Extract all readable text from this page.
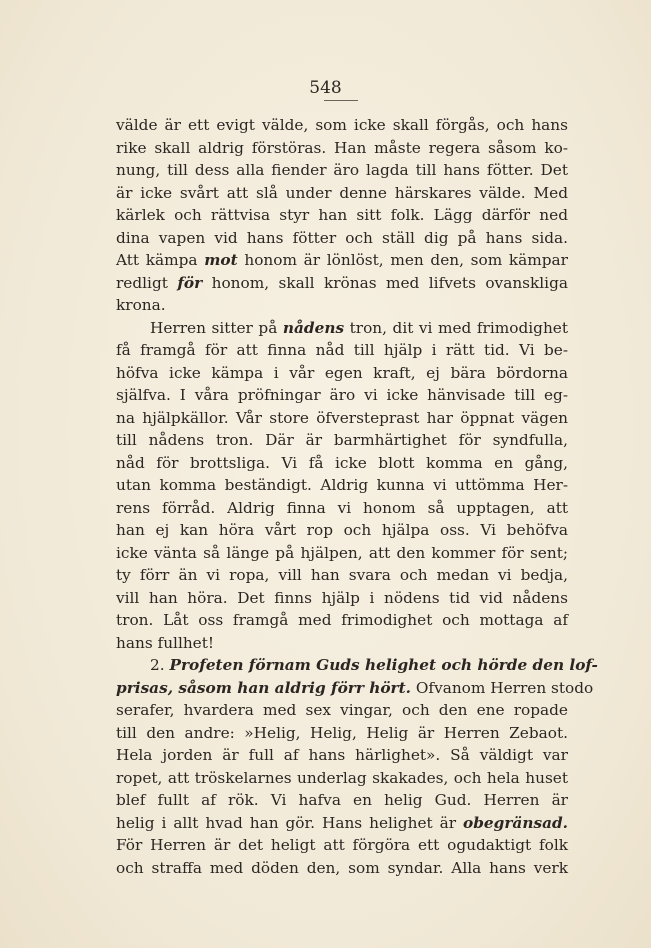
548
välde är ett evigt välde, som icke skall förgås, och hans
rike skall aldrig förstöras. Han måste regera såsom ko-
nung, till dess alla fiender äro lagda till hans fötter. Det
är icke svårt att slå under denne härskares välde. Med
kärlek och rättvisa styr han sitt folk. Lägg därför ned
dina vapen vid hans fötter och ställ dig på hans sida.
Att kämpa mot honom är lönlöst, men den, som kämpar
redligt för honom, skall krönas med lifvets ovanskliga
krona.
Herren sitter på nådens tron, dit vi med frimodighet
få framgå för att finna nåd till hjälp i rätt tid. Vi be-
höfva icke kämpa i vår egen kraft, ej bära bördorna
själfva. I våra pröfningar äro vi icke hänvisade till eg-
na hjälpkällor. Vår store öfversteprast har öppnat vägen
till nådens tron. Där är barmhärtighet för syndfulla,
nåd för brottsliga. Vi få icke blott komma en gång,
utan komma beständigt. Aldrig kunna vi uttömma Her-
rens förråd. Aldrig finna vi honom så upptagen, att
han ej kan höra vårt rop och hjälpa oss. Vi behöfva
icke vänta så länge på hjälpen, att den kommer för sent;
ty förr än vi ropa, vill han svara och medan vi bedja,
vill han höra. Det finns hjälp i nödens tid vid nådens
tron. Låt oss framgå med frimodighet och mottaga af
hans fullhet!
2. Profeten förnam Guds helighet och hörde den lof-
prisas, såsom han aldrig förr hört. Ofvanom Herren stodo
serafer, hvardera med sex vingar, och den ene ropade
till den andre: »Helig, Helig, Helig är Herren Zebaot.
Hela jorden är full af hans härlighet». Så väldigt var
ropet, att tröskelarnes underlag skakades, och hela huset
blef fullt af rök. Vi hafva en helig Gud. Herren är
helig i allt hvad han gör. Hans helighet är obegränsad.
För Herren är det heligt att förgöra ett ogudaktigt folk
och straffa med döden den, som syndar. Alla hans verk
